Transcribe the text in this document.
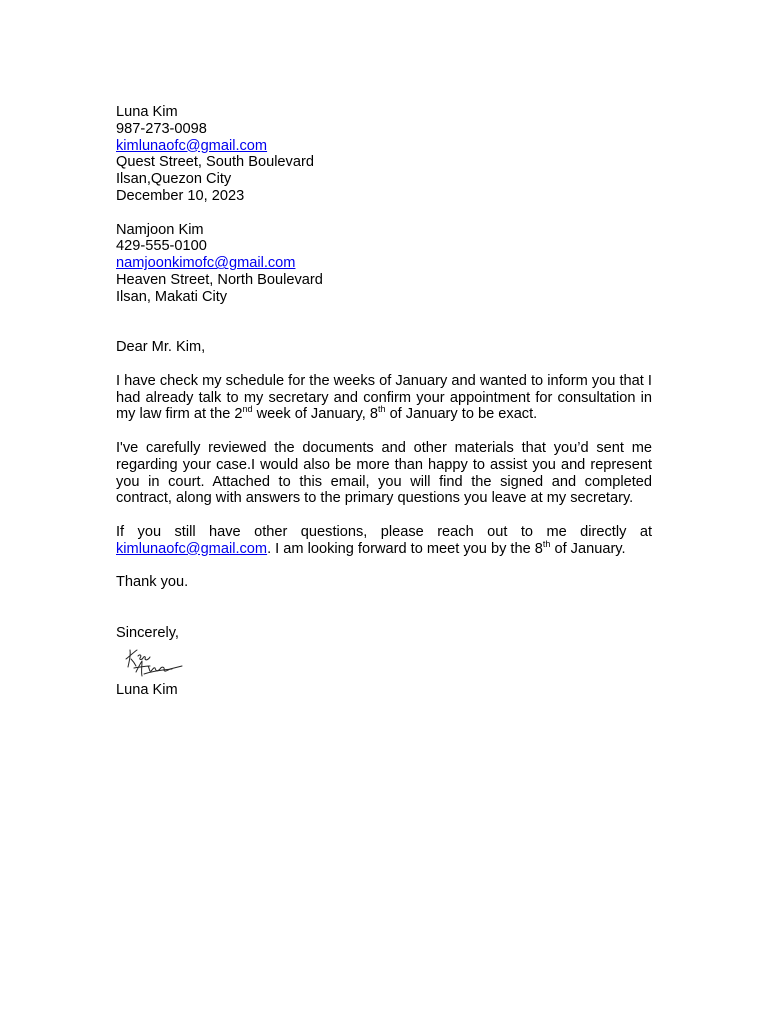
Luna Kim
987-273-0098
kimlunaofc@gmail.com
Quest Street, South Boulevard
Ilsan,Quezon City
December 10, 2023
Namjoon Kim
429-555-0100
namjoonkimofc@gmail.com
Heaven Street, North Boulevard
Ilsan, Makati City
Dear Mr. Kim,

I have check my schedule for the weeks of January and wanted to inform you that I had already talk to my secretary and confirm your appointment for consultation in my law firm at the 2nd week of January, 8th of January to be exact.

I've carefully reviewed the documents and other materials that you’d sent me regarding your case.I would also be more than happy to assist you and represent you in court. Attached to this email, you will find the signed and completed contract, along with answers to the primary questions you leave at my secretary.

If you still have other questions, please reach out to me directly at kimlunaofc@gmail.com. I am looking forward to meet you by the 8th of January.

Thank you.
Sincerely,
Luna Kim
